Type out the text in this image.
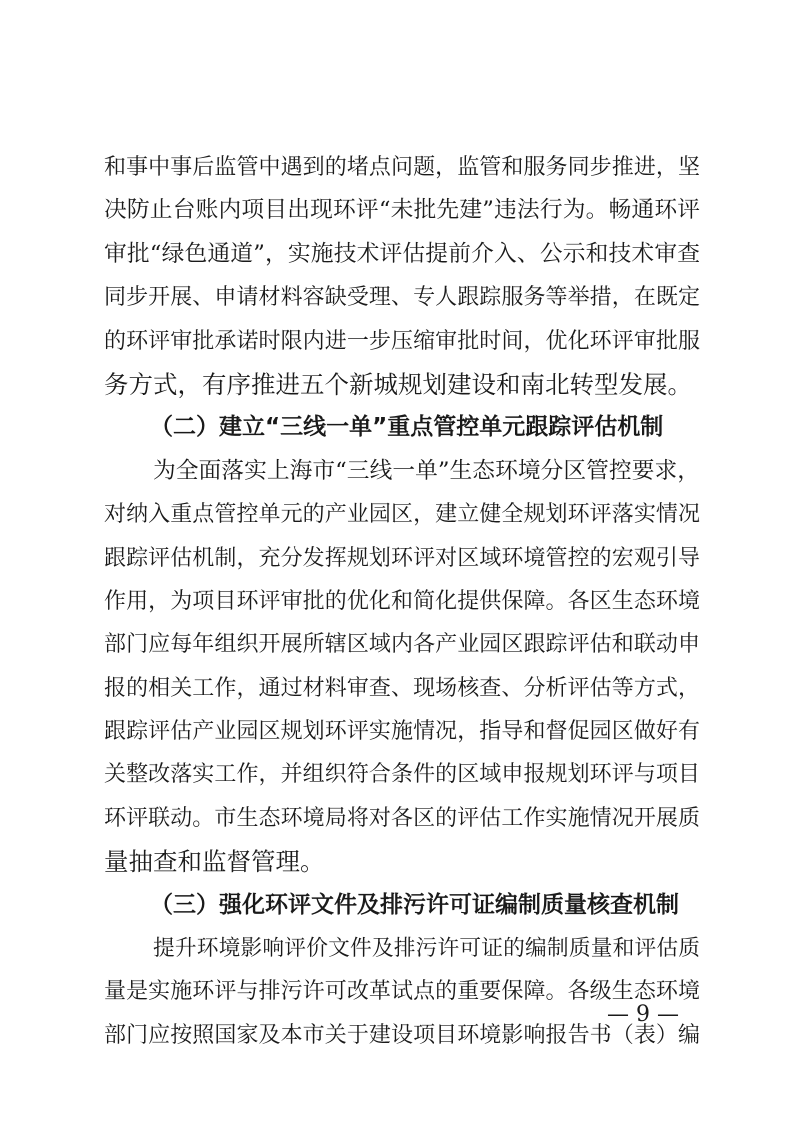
和事中事后监管中遇到的堵点问题，监管和服务同步推进，坚
决防止台账内项目出现环评“未批先建”违法行为。畅通环评
审批“绿色通道”，实施技术评估提前介入、公示和技术审查
同步开展、申请材料容缺受理、专人跟踪服务等举措，在既定
的环评审批承诺时限内进一步压缩审批时间，优化环评审批服
务方式，有序推进五个新城规划建设和南北转型发展。
（二）建立“三线一单”重点管控单元跟踪评估机制
为全面落实上海市“三线一单”生态环境分区管控要求，
对纳入重点管控单元的产业园区，建立健全规划环评落实情况
跟踪评估机制，充分发挥规划环评对区域环境管控的宏观引导
作用，为项目环评审批的优化和简化提供保障。各区生态环境
部门应每年组织开展所辖区域内各产业园区跟踪评估和联动申
报的相关工作，通过材料审查、现场核查、分析评估等方式，
跟踪评估产业园区规划环评实施情况，指导和督促园区做好有
关整改落实工作，并组织符合条件的区域申报规划环评与项目
环评联动。市生态环境局将对各区的评估工作实施情况开展质
量抽查和监督管理。
（三）强化环评文件及排污许可证编制质量核查机制
提升环境影响评价文件及排污许可证的编制质量和评估质
量是实施环评与排污许可改革试点的重要保障。各级生态环境
部门应按照国家及本市关于建设项目环境影响报告书（表）编
— 9 —
